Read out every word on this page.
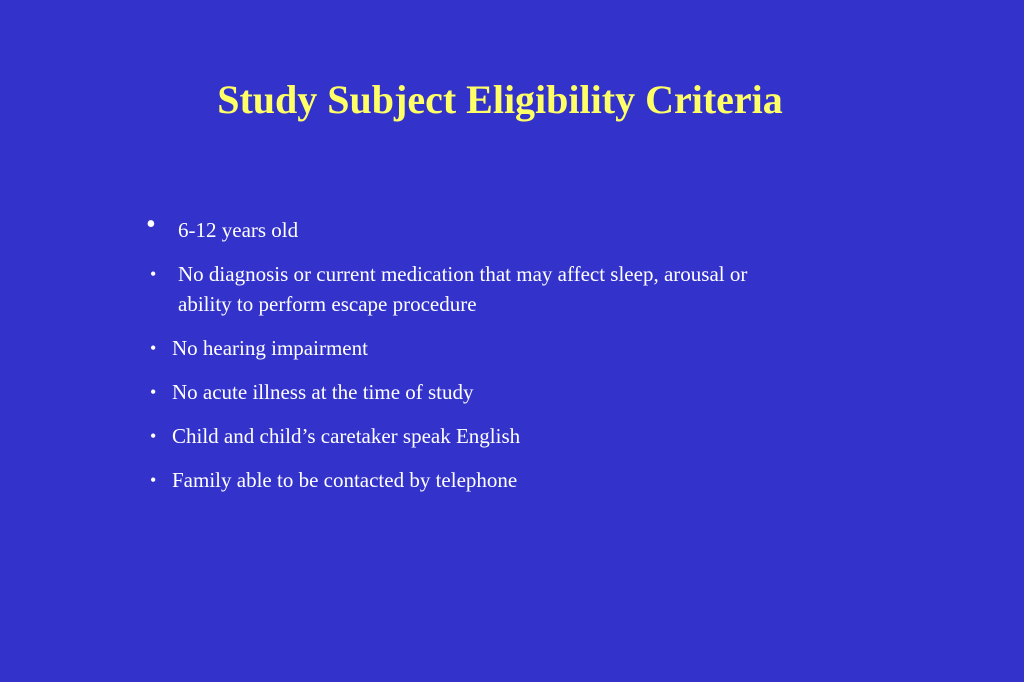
Study Subject Eligibility Criteria
• 6-12 years old
• No diagnosis or current medication that may affect sleep, arousal or
ability to perform escape procedure
• No hearing impairment
• No acute illness at the time of study
• Child and child’s caretaker speak English
• Family able to be contacted by telephone
